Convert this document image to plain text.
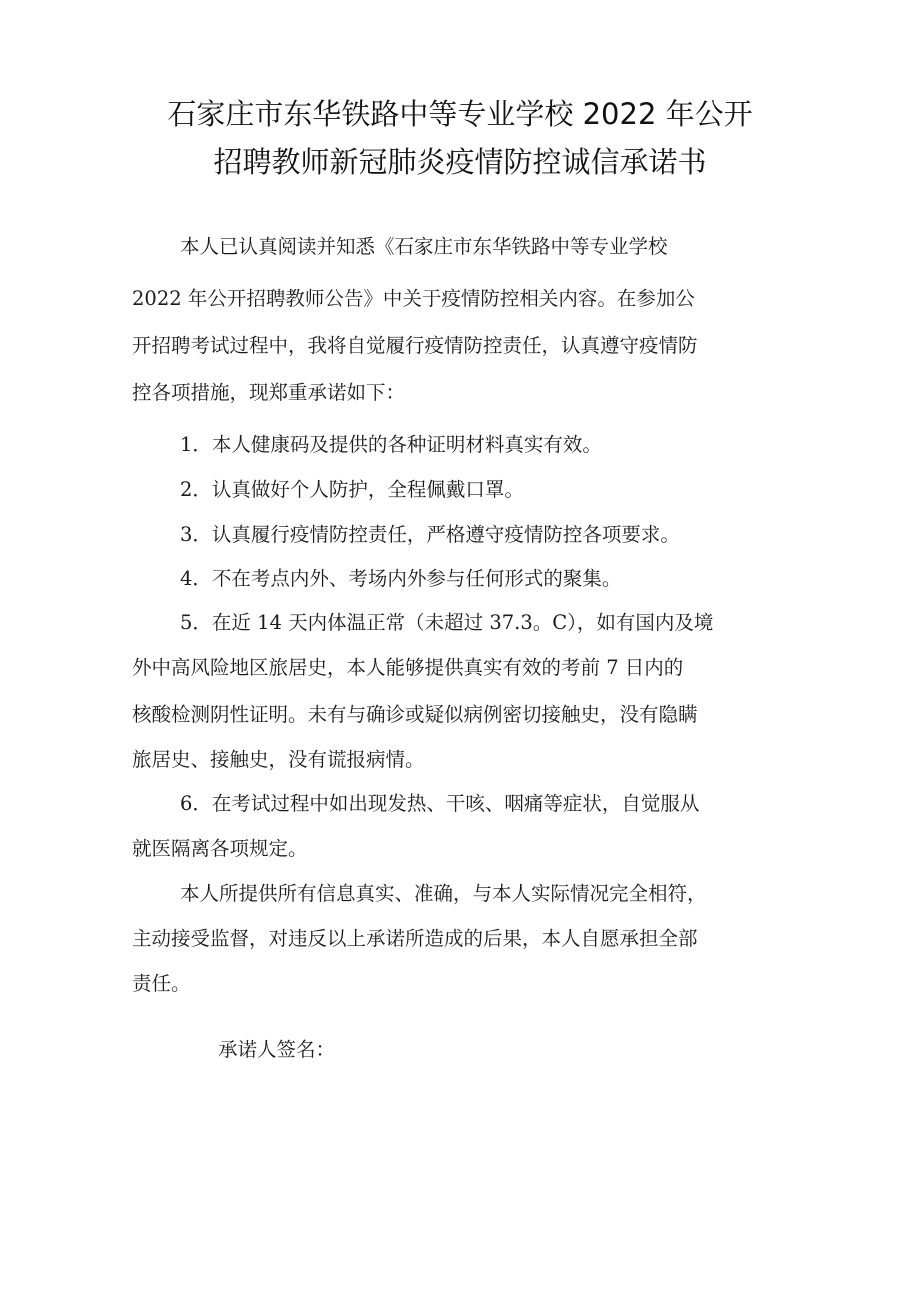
石家庄市东华铁路中等专业学校 2022 年公开
招聘教师新冠肺炎疫情防控诚信承诺书
本人已认真阅读并知悉《石家庄市东华铁路中等专业学校
2022 年公开招聘教师公告》中关于疫情防控相关内容。在参加公
开招聘考试过程中，我将自觉履行疫情防控责任，认真遵守疫情防
控各项措施，现郑重承诺如下：
1．本人健康码及提供的各种证明材料真实有效。
2．认真做好个人防护，全程佩戴口罩。
3．认真履行疫情防控责任，严格遵守疫情防控各项要求。
4．不在考点内外、考场内外参与任何形式的聚集。
5．在近 14 天内体温正常（未超过 37.3。C），如有国内及境
外中高风险地区旅居史，本人能够提供真实有效的考前 7 日内的
核酸检测阴性证明。未有与确诊或疑似病例密切接触史，没有隐瞒
旅居史、接触史，没有谎报病情。
6．在考试过程中如出现发热、干咳、咽痛等症状，自觉服从
就医隔离各项规定。
本人所提供所有信息真实、准确，与本人实际情况完全相符，
主动接受监督，对违反以上承诺所造成的后果，本人自愿承担全部
责任。
承诺人签名：
